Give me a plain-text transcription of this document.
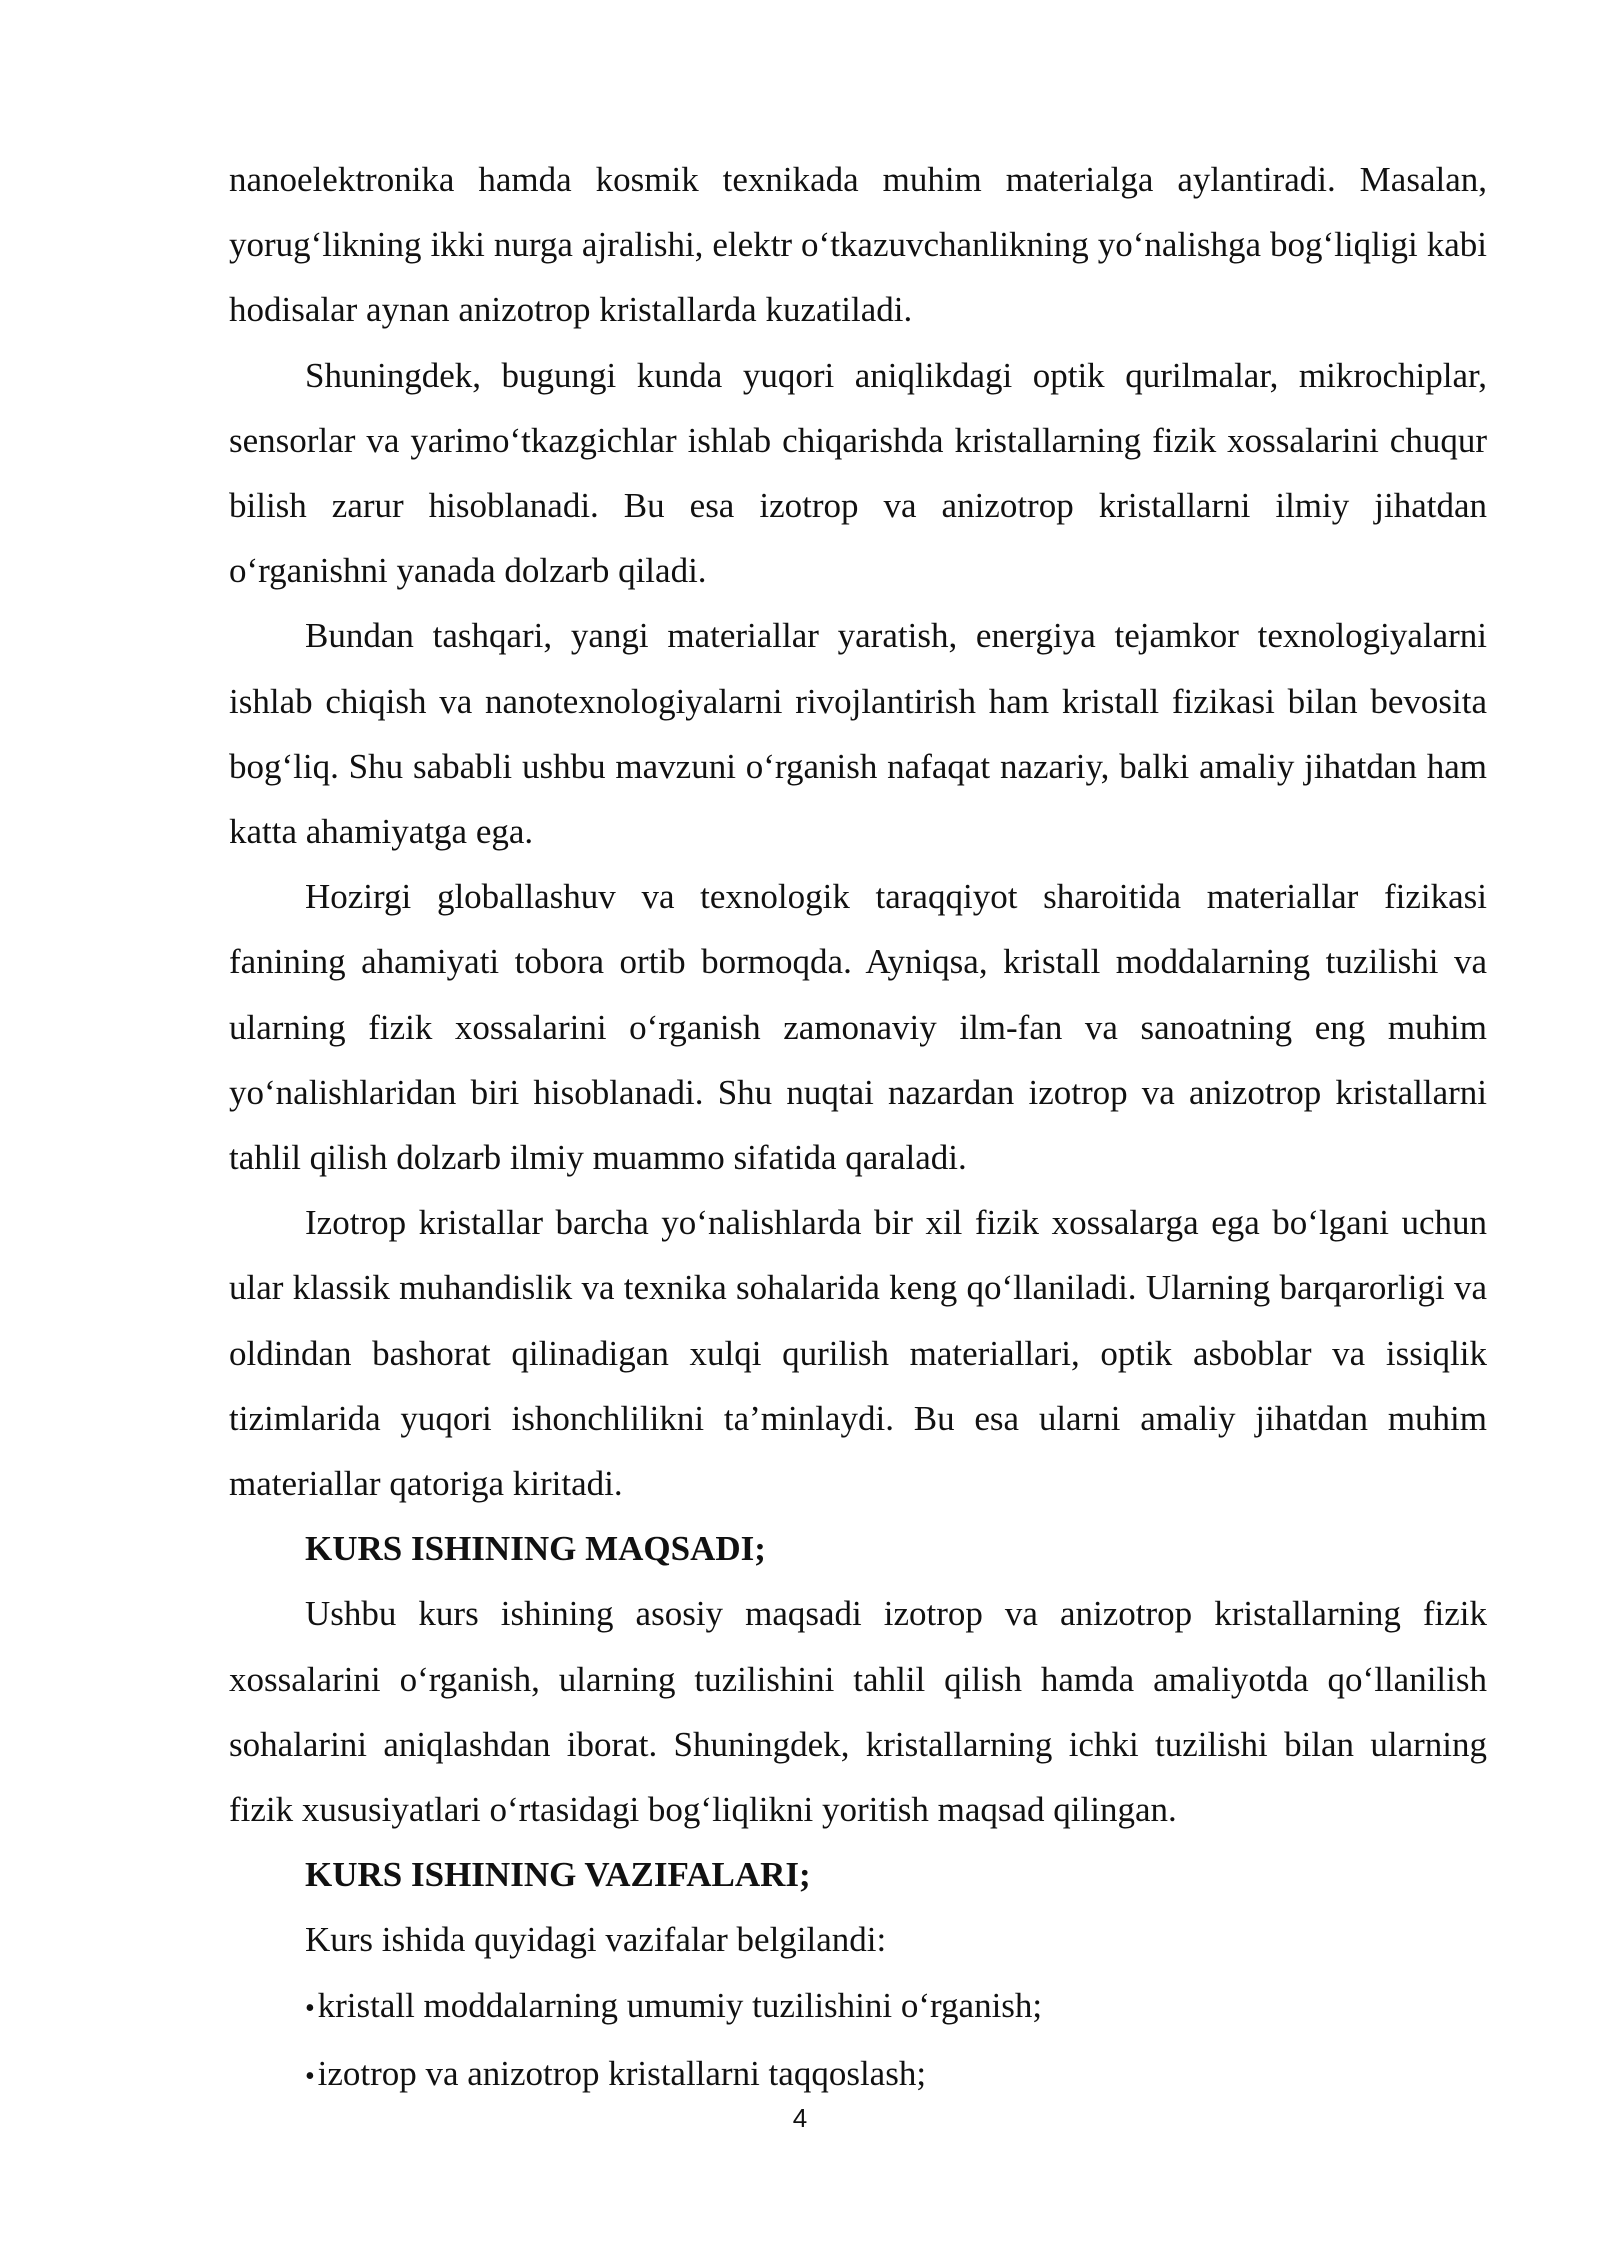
nanoelektronika hamda kosmik texnikada muhim materialga aylantiradi. Masalan, yorug‘likning ikki nurga ajralishi, elektr o‘tkazuvchanlikning yo‘nalishga bog‘liqligi kabi hodisalar aynan anizotrop kristallarda kuzatiladi.

Shuningdek, bugungi kunda yuqori aniqlikdagi optik qurilmalar, mikrochiplar, sensorlar va yarimo‘tkazgichlar ishlab chiqarishda kristallarning fizik xossalarini chuqur bilish zarur hisoblanadi. Bu esa izotrop va anizotrop kristallarni ilmiy jihatdan o‘rganishni yanada dolzarb qiladi.

Bundan tashqari, yangi materiallar yaratish, energiya tejamkor texnologiyalarni ishlab chiqish va nanotexnologiyalarni rivojlantirish ham kristall fizikasi bilan bevosita bog‘liq. Shu sababli ushbu mavzuni o‘rganish nafaqat nazariy, balki amaliy jihatdan ham katta ahamiyatga ega.

Hozirgi globallashuv va texnologik taraqqiyot sharoitida materiallar fizikasi fanining ahamiyati tobora ortib bormoqda. Ayniqsa, kristall moddalarning tuzilishi va ularning fizik xossalarini o‘rganish zamonaviy ilm-fan va sanoatning eng muhim yo‘nalishlaridan biri hisoblanadi. Shu nuqtai nazardan izotrop va anizotrop kristallarni tahlil qilish dolzarb ilmiy muammo sifatida qaraladi.

Izotrop kristallar barcha yo‘nalishlarda bir xil fizik xossalarga ega bo‘lgani uchun ular klassik muhandislik va texnika sohalarida keng qo‘llaniladi. Ularning barqarorligi va oldindan bashorat qilinadigan xulqi qurilish materiallari, optik asboblar va issiqlik tizimlarida yuqori ishonchlilikni ta’minlaydi. Bu esa ularni amaliy jihatdan muhim materiallar qatoriga kiritadi.

KURS ISHINING MAQSADI;

Ushbu kurs ishining asosiy maqsadi izotrop va anizotrop kristallarning fizik xossalarini o‘rganish, ularning tuzilishini tahlil qilish hamda amaliyotda qo‘llanilish sohalarini aniqlashdan iborat. Shuningdek, kristallarning ichki tuzilishi bilan ularning fizik xususiyatlari o‘rtasidagi bog‘liqlikni yoritish maqsad qilingan.

KURS ISHINING VAZIFALARI;

Kurs ishida quyidagi vazifalar belgilandi:

•kristall moddalarning umumiy tuzilishini o‘rganish;
•izotrop va anizotrop kristallarni taqqoslash;
4
